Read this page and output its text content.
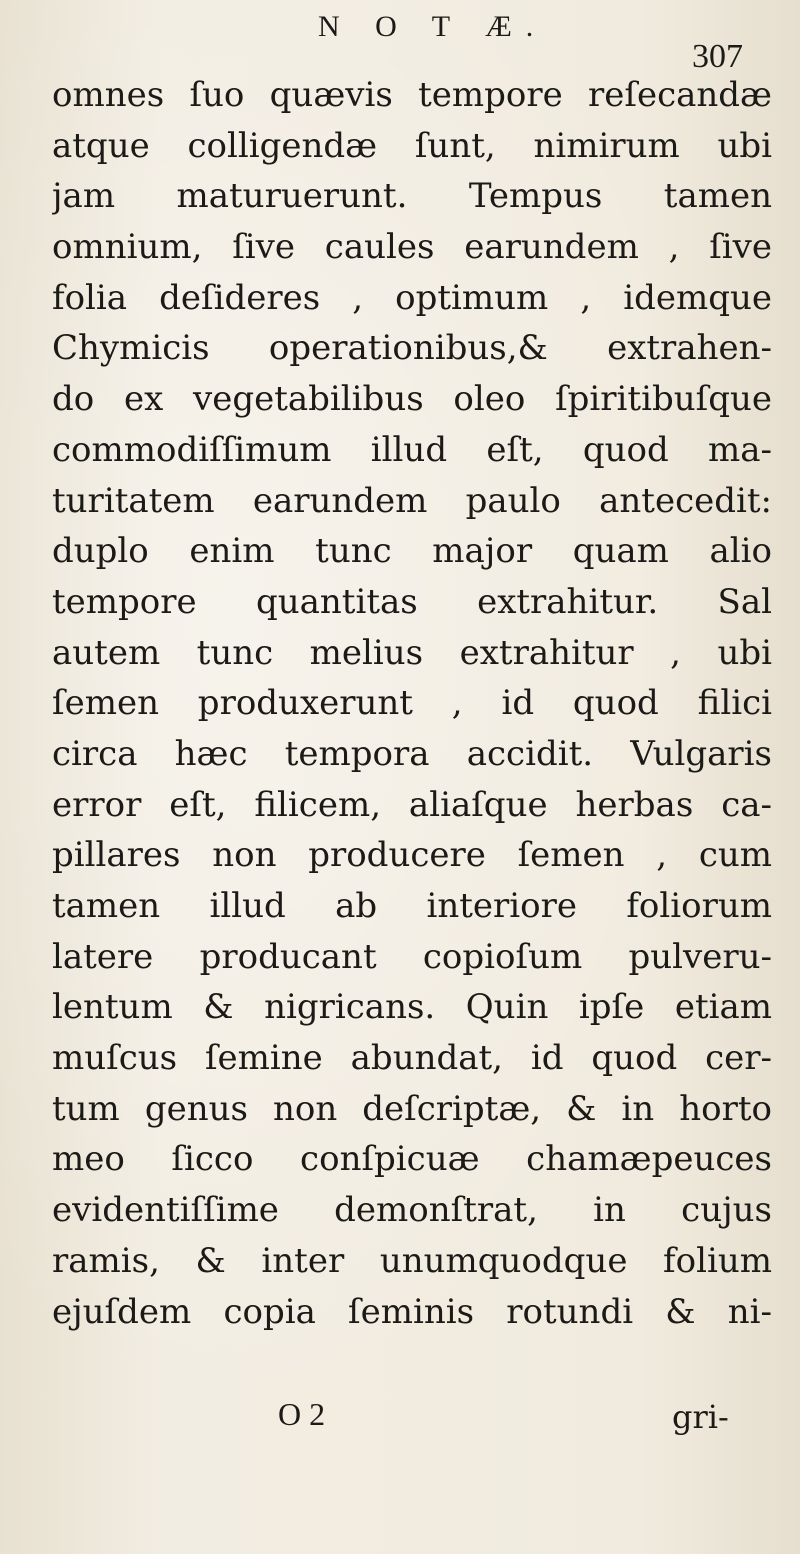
N O T Æ.
307
omnes ſuo quævis tempore reſecandæ
atque colligendæ ſunt, nimirum ubi
jam maturuerunt. Tempus tamen
omnium, ſive caules earundem , ſive
folia deſideres , optimum , idemque
Chymicis operationibus,& extrahen-
do ex vegetabilibus oleo ſpiritibuſque
commodiſſimum illud eſt, quod ma-
turitatem earundem paulo antecedit:
duplo enim tunc major quam alio
tempore quantitas extrahitur. Sal
autem tunc melius extrahitur , ubi
ſemen produxerunt , id quod filici
circa hæc tempora accidit. Vulgaris
error eſt, filicem, aliaſque herbas ca-
pillares non producere ſemen , cum
tamen illud ab interiore foliorum
latere producant copioſum pulveru-
lentum & nigricans. Quin ipſe etiam
muſcus ſemine abundat, id quod cer-
tum genus non deſcriptæ, & in horto
meo ſicco conſpicuæ chamæpeuces
evidentiſſime demonſtrat, in cujus
ramis, & inter unumquodque folium
ejuſdem copia ſeminis rotundi & ni-
O 2	gri-
